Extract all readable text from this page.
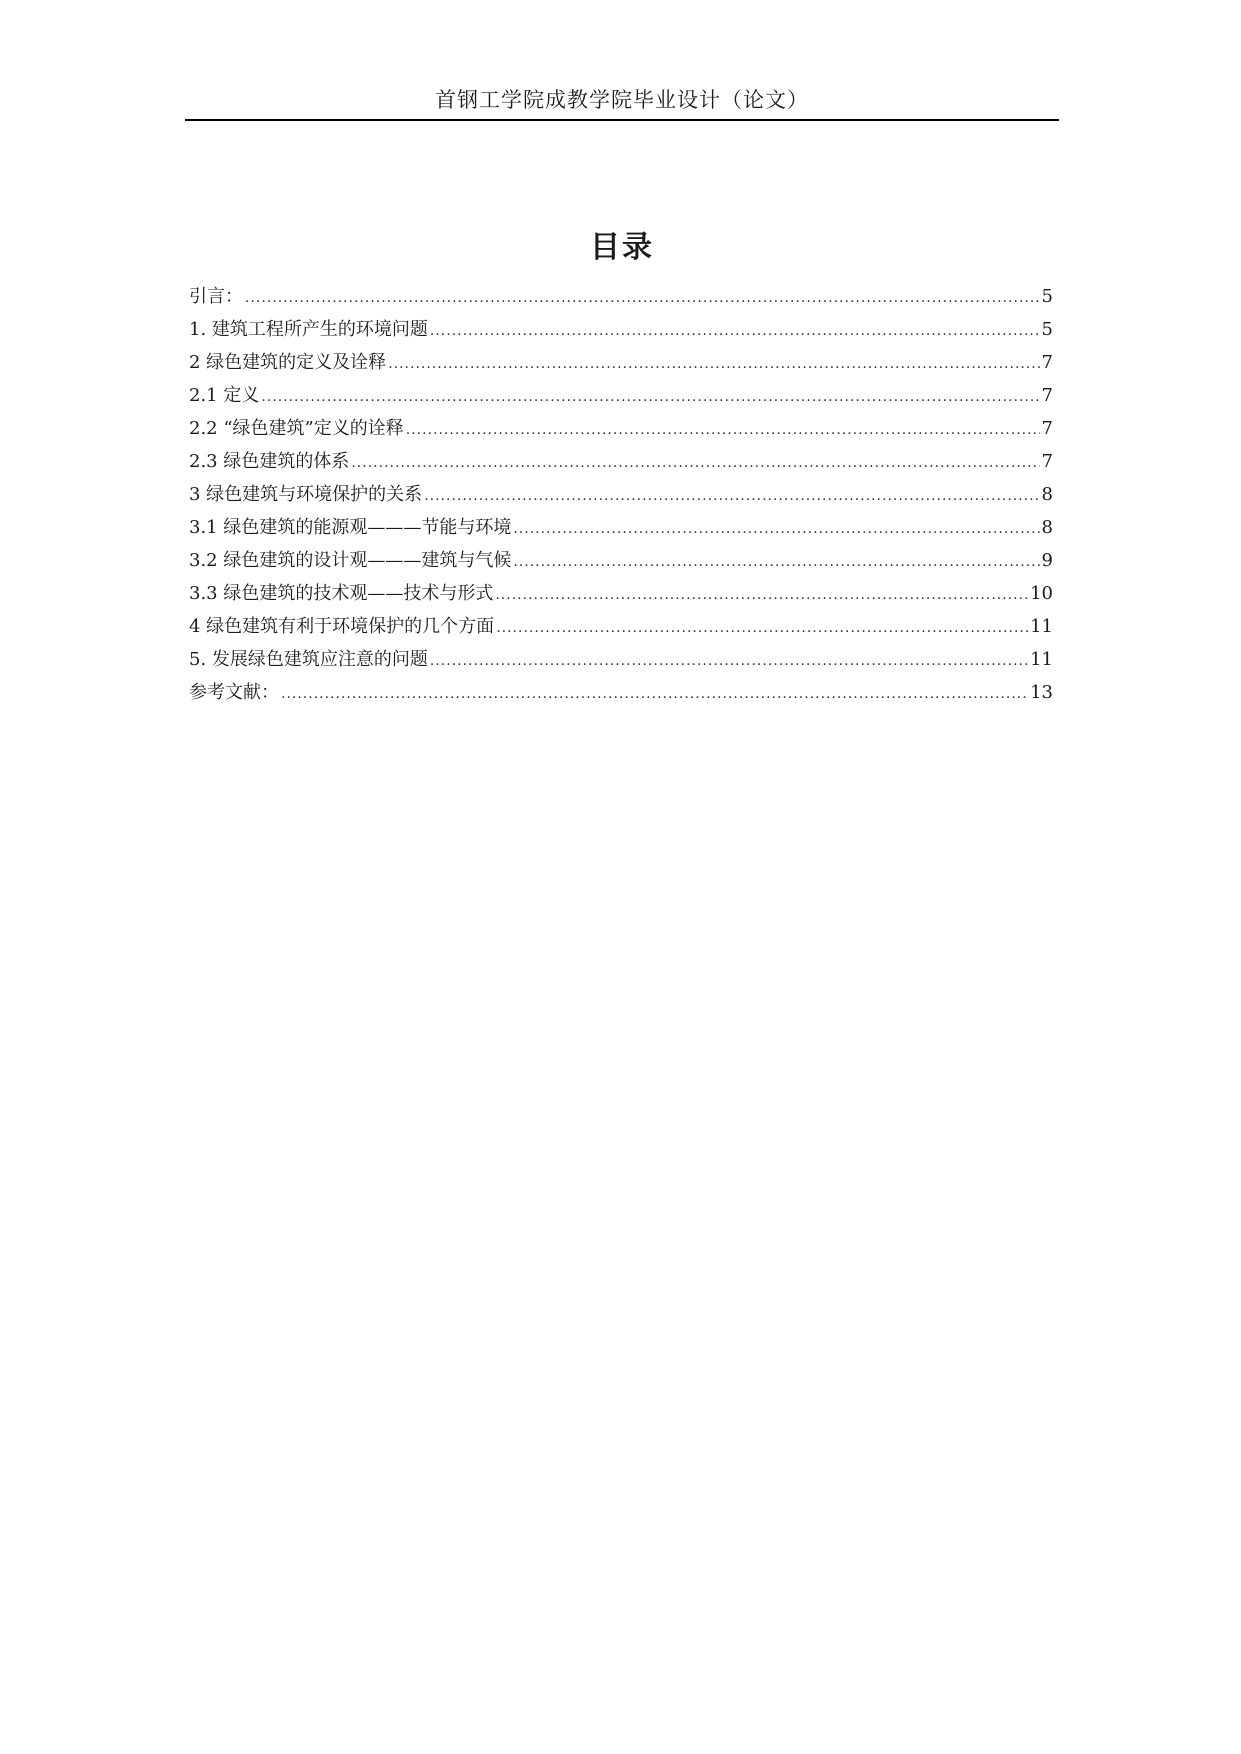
首钢工学院成教学院毕业设计（论文）
目录
引言： .....	5
1. 建筑工程所产生的环境问题 .....	5
2 绿色建筑的定义及诠释 .....	7
2.1 定义 .....	7
2.2 “绿色建筑”定义的诠释 .....	7
2.3 绿色建筑的体系 .....	7
3 绿色建筑与环境保护的关系 .....	8
3.1 绿色建筑的能源观———节能与环境 .....	8
3.2 绿色建筑的设计观———建筑与气候 .....	9
3.3 绿色建筑的技术观——技术与形式 .....	10
4 绿色建筑有利于环境保护的几个方面 .....	11
5. 发展绿色建筑应注意的问题 .....	11
参考文献： .....	13
